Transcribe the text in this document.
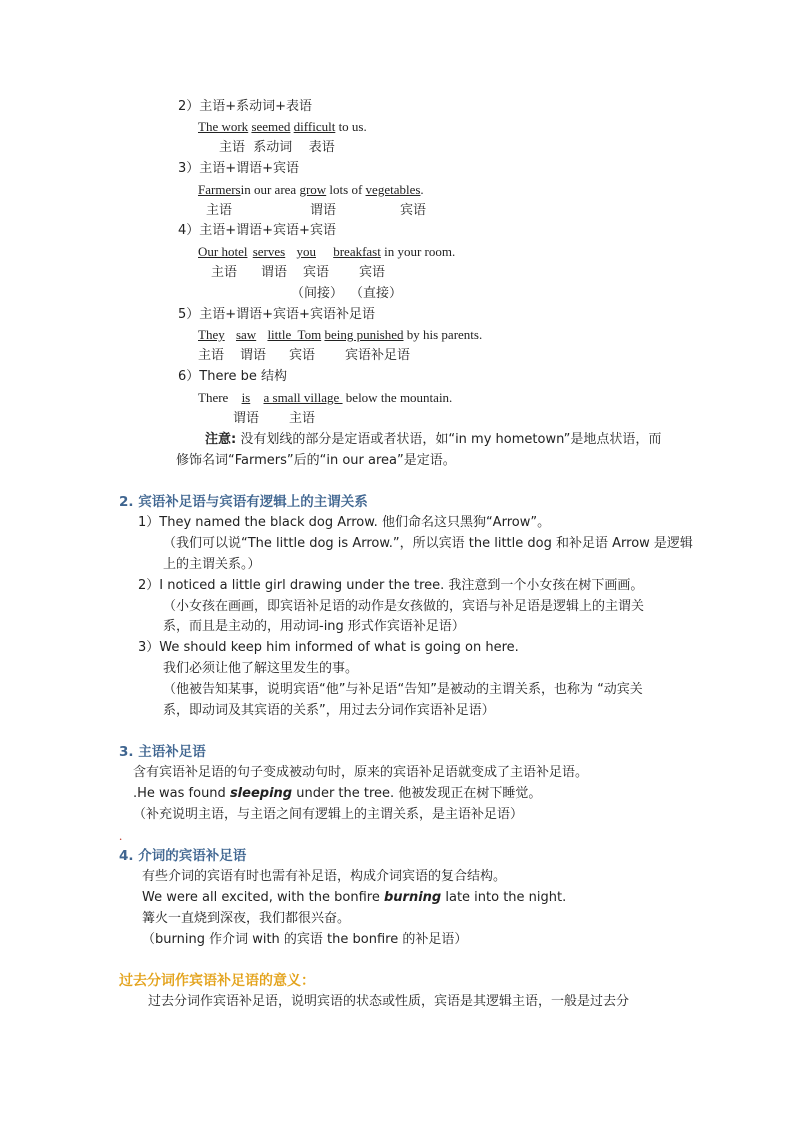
2）主语+系动词+表语
The work seemed difficult to us.
主语  系动词    表语
3）主语+谓语+宾语
Farmersin our area grow lots of vegetables.
主语	谓语	宾语
4）主语+谓语+宾语+宾语
Our hotel serves you breakfast in your room.
主语 谓语 宾语 宾语
（间接） （直接）
5）主语+谓语+宾语+宾语补足语
They saw little  Tom being punished by his parents.
主语 谓语 宾语 宾语补足语
6）There be 结构
There is a small village  below the mountain.
谓语 主语
注意: 没有划线的部分是定语或者状语，如“in my hometown”是地点状语，而
修饰名词“Farmers”后的“in our area”是定语。
2. 宾语补足语与宾语有逻辑上的主谓关系
1）They named the black dog Arrow. 他们命名这只黑狗“Arrow”。
（我们可以说“The little dog is Arrow.”，所以宾语 the little dog 和补足语 Arrow 是逻辑
上的主谓关系。）
2）I noticed a little girl drawing under the tree. 我注意到一个小女孩在树下画画。
（小女孩在画画，即宾语补足语的动作是女孩做的，宾语与补足语是逻辑上的主谓关
系，而且是主动的，用动词-ing 形式作宾语补足语）
3）We should keep him informed of what is going on here.
我们必须让他了解这里发生的事。
（他被告知某事，说明宾语“他”与补足语“告知”是被动的主谓关系，也称为 “动宾关
系，即动词及其宾语的关系”，用过去分词作宾语补足语）
3. 主语补足语
含有宾语补足语的句子变成被动句时，原来的宾语补足语就变成了主语补足语。
.He was found sleeping under the tree. 他被发现正在树下睡觉。
（补充说明主语，与主语之间有逻辑上的主谓关系，是主语补足语）
.
4. 介词的宾语补足语
有些介词的宾语有时也需有补足语，构成介词宾语的复合结构。
We were all excited, with the bonfire burning late into the night.
篝火一直烧到深夜，我们都很兴奋。
（burning 作介词 with 的宾语 the bonfire 的补足语）
过去分词作宾语补足语的意义：
过去分词作宾语补足语，说明宾语的状态或性质，宾语是其逻辑主语，一般是过去分
